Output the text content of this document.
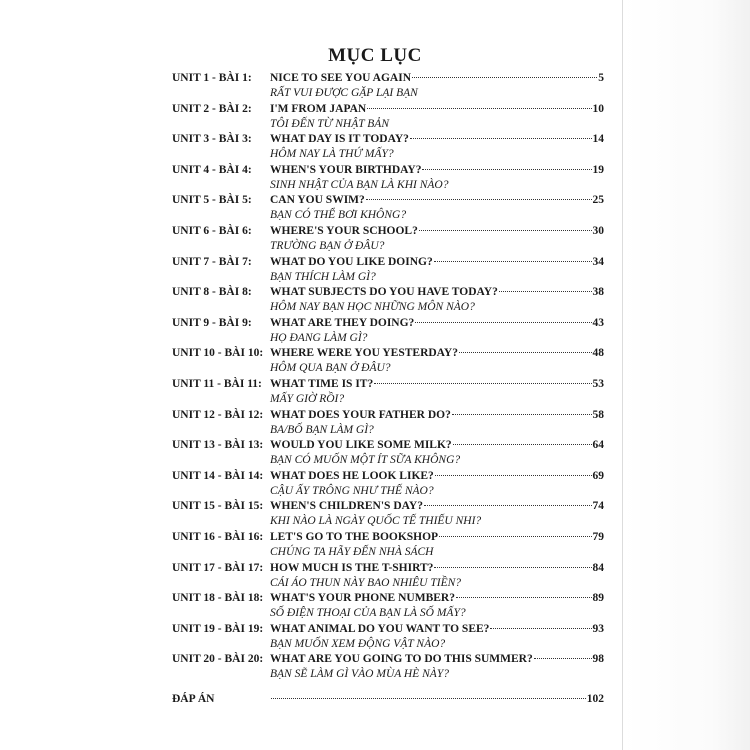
MỤC LỤC
UNIT 1 - BÀI 1:	NICE TO SEE YOU AGAIN	5
RẤT VUI ĐƯỢC GẶP LẠI BẠN
UNIT 2 - BÀI 2:	I'M FROM JAPAN	10
TÔI ĐẾN TỪ NHẬT BẢN
UNIT 3 - BÀI 3:	WHAT DAY IS IT TODAY?	14
HÔM NAY LÀ THỨ MẤY?
UNIT 4 - BÀI 4:	WHEN'S YOUR BIRTHDAY?	19
SINH NHẬT CỦA BẠN LÀ KHI NÀO?
UNIT 5 - BÀI 5:	CAN YOU SWIM?	25
BẠN CÓ THỂ BƠI KHÔNG?
UNIT 6 - BÀI 6:	WHERE'S YOUR SCHOOL?	30
TRƯỜNG BẠN Ở ĐÂU?
UNIT 7 - BÀI 7:	WHAT DO YOU LIKE DOING?	34
BẠN THÍCH LÀM GÌ?
UNIT 8 - BÀI 8:	WHAT SUBJECTS DO YOU HAVE TODAY?	38
HÔM NAY BẠN HỌC NHỮNG MÔN NÀO?
UNIT 9 - BÀI 9:	WHAT ARE THEY DOING?	43
HỌ ĐANG LÀM GÌ?
UNIT 10 - BÀI 10: WHERE WERE YOU YESTERDAY?	48
HÔM QUA BẠN Ở ĐÂU?
UNIT 11 - BÀI 11: WHAT TIME IS IT?	53
MẤY GIỜ RỒI?
UNIT 12 - BÀI 12: WHAT DOES YOUR FATHER DO?	58
BA/BỐ BẠN LÀM GÌ?
UNIT 13 - BÀI 13: WOULD YOU LIKE SOME MILK?	64
BẠN CÓ MUỐN MỘT ÍT SỮA KHÔNG?
UNIT 14 - BÀI 14: WHAT DOES HE LOOK LIKE?	69
CẬU ẤY TRÔNG NHƯ THẾ NÀO?
UNIT 15 - BÀI 15: WHEN'S CHILDREN'S DAY?	74
KHI NÀO LÀ NGÀY QUỐC TẾ THIẾU NHI?
UNIT 16 - BÀI 16: LET'S GO TO THE BOOKSHOP	79
CHÚNG TA HÃY ĐẾN NHÀ SÁCH
UNIT 17 - BÀI 17: HOW MUCH IS THE T-SHIRT?	84
CÁI ÁO THUN NÀY BAO NHIÊU TIỀN?
UNIT 18 - BÀI 18: WHAT'S YOUR PHONE NUMBER?	89
SỐ ĐIỆN THOẠI CỦA BẠN LÀ SỐ MẤY?
UNIT 19 - BÀI 19: WHAT ANIMAL DO YOU WANT TO SEE?	93
BẠN MUỐN XEM ĐỘNG VẬT NÀO?
UNIT 20 - BÀI 20: WHAT ARE YOU GOING TO DO THIS SUMMER?	98
BẠN SẼ LÀM GÌ VÀO MÙA HÈ NÀY?
ĐÁP ÁN	102
